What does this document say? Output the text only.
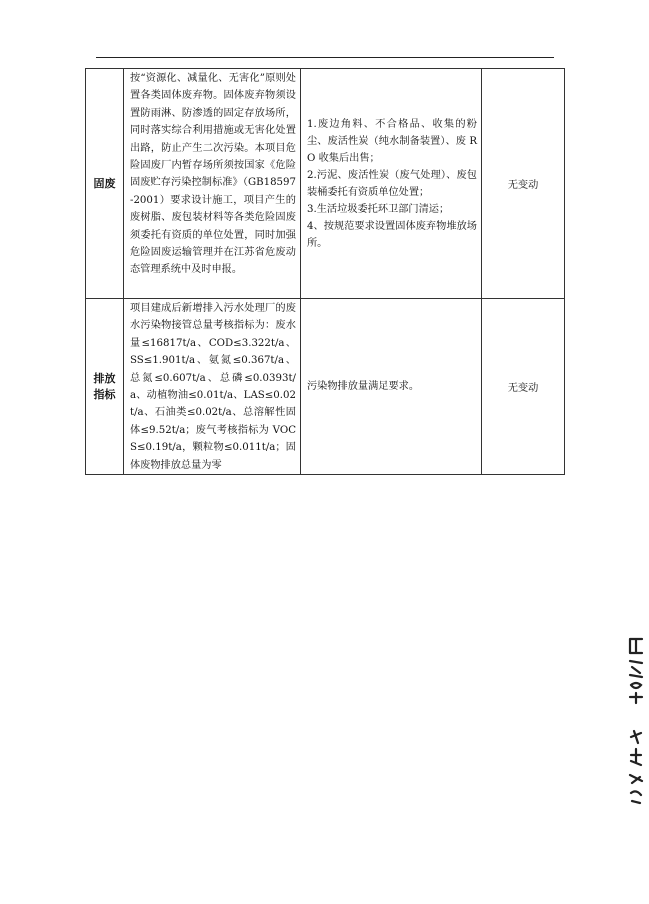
固废	按“资源化、减量化、无害化”原则处置各类固体废弃物。固体废弃物须设置防雨淋、防渗透的固定存放场所，同时落实综合利用措施或无害化处置出路，防止产生二次污染。本项目危险固废厂内暂存场所须按国家《危险固废贮存污染控制标准》（GB18597-2001）要求设计施工，项目产生的废树脂、废包装材料等各类危险固废须委托有资质的单位处置，同时加强危险固废运输管理并在江苏省危废动态管理系统中及时申报。	1.废边角料、不合格品、收集的粉尘、废活性炭（纯水制备装置）、废 RO 收集后出售；
2.污泥、废活性炭（废气处理）、废包装桶委托有资质单位处置；
3.生活垃圾委托环卫部门清运；
4、按规范要求设置固体废弃物堆放场所。	无变动

排放指标	项目建成后新增排入污水处理厂的废水污染物接管总量考核指标为：废水量≤16817t/a、COD≤3.322t/a、SS≤1.901t/a、氨氮≤0.367t/a、总氮≤0.607t/a、总磷≤0.0393t/a、动植物油≤0.01t/a、LAS≤0.02t/a、石油类≤0.02t/a、总溶解性固体≤9.52t/a；废气考核指标为 VOCS≤0.19t/a，颗粒物≤0.011t/a；固体废物排放总量为零	污染物排放量满足要求。	无变动
